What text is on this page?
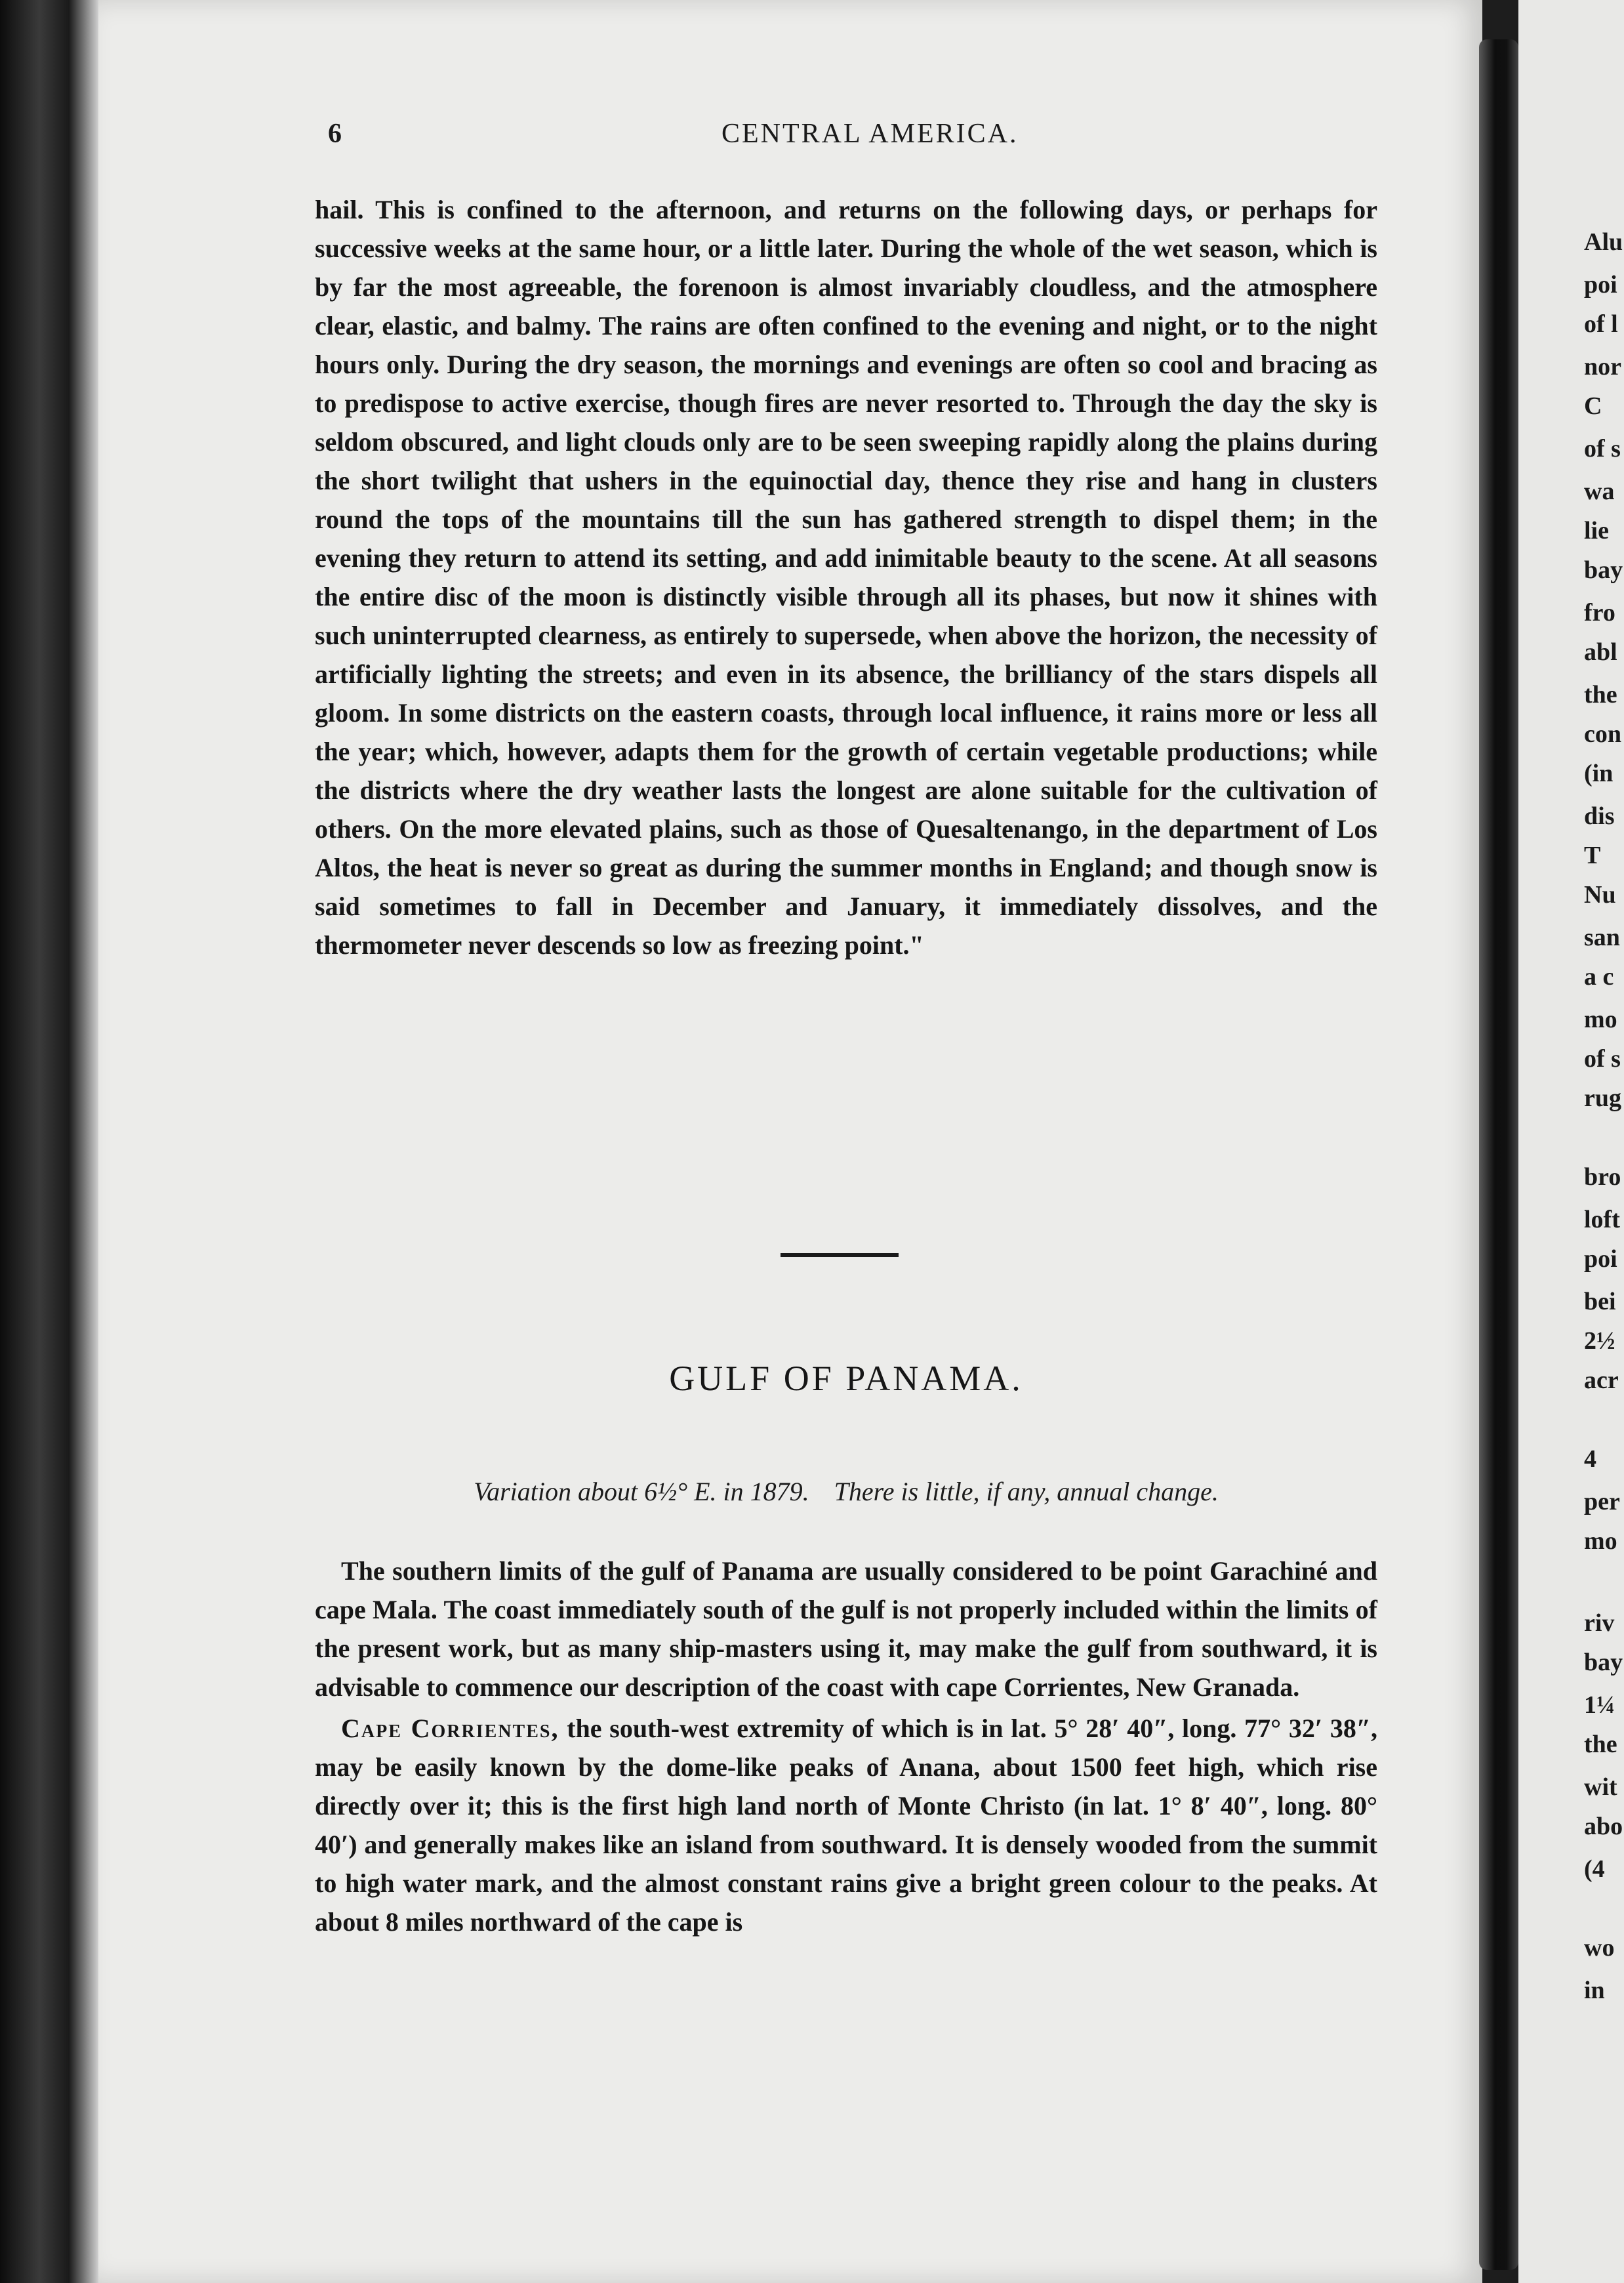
6	CENTRAL AMERICA.

hail. This is confined to the afternoon, and returns on the following days, or perhaps for successive weeks at the same hour, or a little later. During the whole of the wet season, which is by far the most agreeable, the forenoon is almost invariably cloudless, and the atmosphere clear, elastic, and balmy. The rains are often confined to the evening and night, or to the night hours only. During the dry season, the mornings and evenings are often so cool and bracing as to predispose to active exercise, though fires are never resorted to. Through the day the sky is seldom obscured, and light clouds only are to be seen sweeping rapidly along the plains during the short twilight that ushers in the equinoctial day, thence they rise and hang in clusters round the tops of the mountains till the sun has gathered strength to dispel them; in the evening they return to attend its setting, and add inimitable beauty to the scene. At all seasons the entire disc of the moon is distinctly visible through all its phases, but now it shines with such uninterrupted clearness, as entirely to supersede, when above the horizon, the necessity of artificially lighting the streets; and even in its absence, the brilliancy of the stars dispels all gloom. In some districts on the eastern coasts, through local influence, it rains more or less all the year; which, however, adapts them for the growth of certain vegetable productions; while the districts where the dry weather lasts the longest are alone suitable for the cultivation of others. On the more elevated plains, such as those of Quesaltenango, in the department of Los Altos, the heat is never so great as during the summer months in England; and though snow is said sometimes to fall in December and January, it immediately dissolves, and the thermometer never descends so low as freezing point."

GULF OF PANAMA.
Variation about 6½° E. in 1879. There is little, if any, annual change.

The southern limits of the gulf of Panama are usually considered to be point Garachiné and cape Mala. The coast immediately south of the gulf is not properly included within the limits of the present work, but as many ship-masters using it, may make the gulf from southward, it is advisable to commence our description of the coast with cape Corrientes, New Granada.

Cape Corrientes, the south-west extremity of which is in lat. 5° 28′ 40″, long. 77° 32′ 38″, may be easily known by the dome-like peaks of Anana, about 1500 feet high, which rise directly over it; this is the first high land north of Monte Christo (in lat. 1° 8′ 40″, long. 80° 40′) and generally makes like an island from southward. It is densely wooded from the summit to high water mark, and the almost constant rains give a bright green colour to the peaks. At about 8 miles northward of the cape is

Alu
poi
of l
nor
C
of s
wa
lie
bay
fro
abl
the
con
(in
dis
T
Nu
san
a c
mo
of s
rug
bro
loft
poi
bei
2½
acr
4
per
mo
riv
bay
1¼
the
wit
abo
(4
wo
in
